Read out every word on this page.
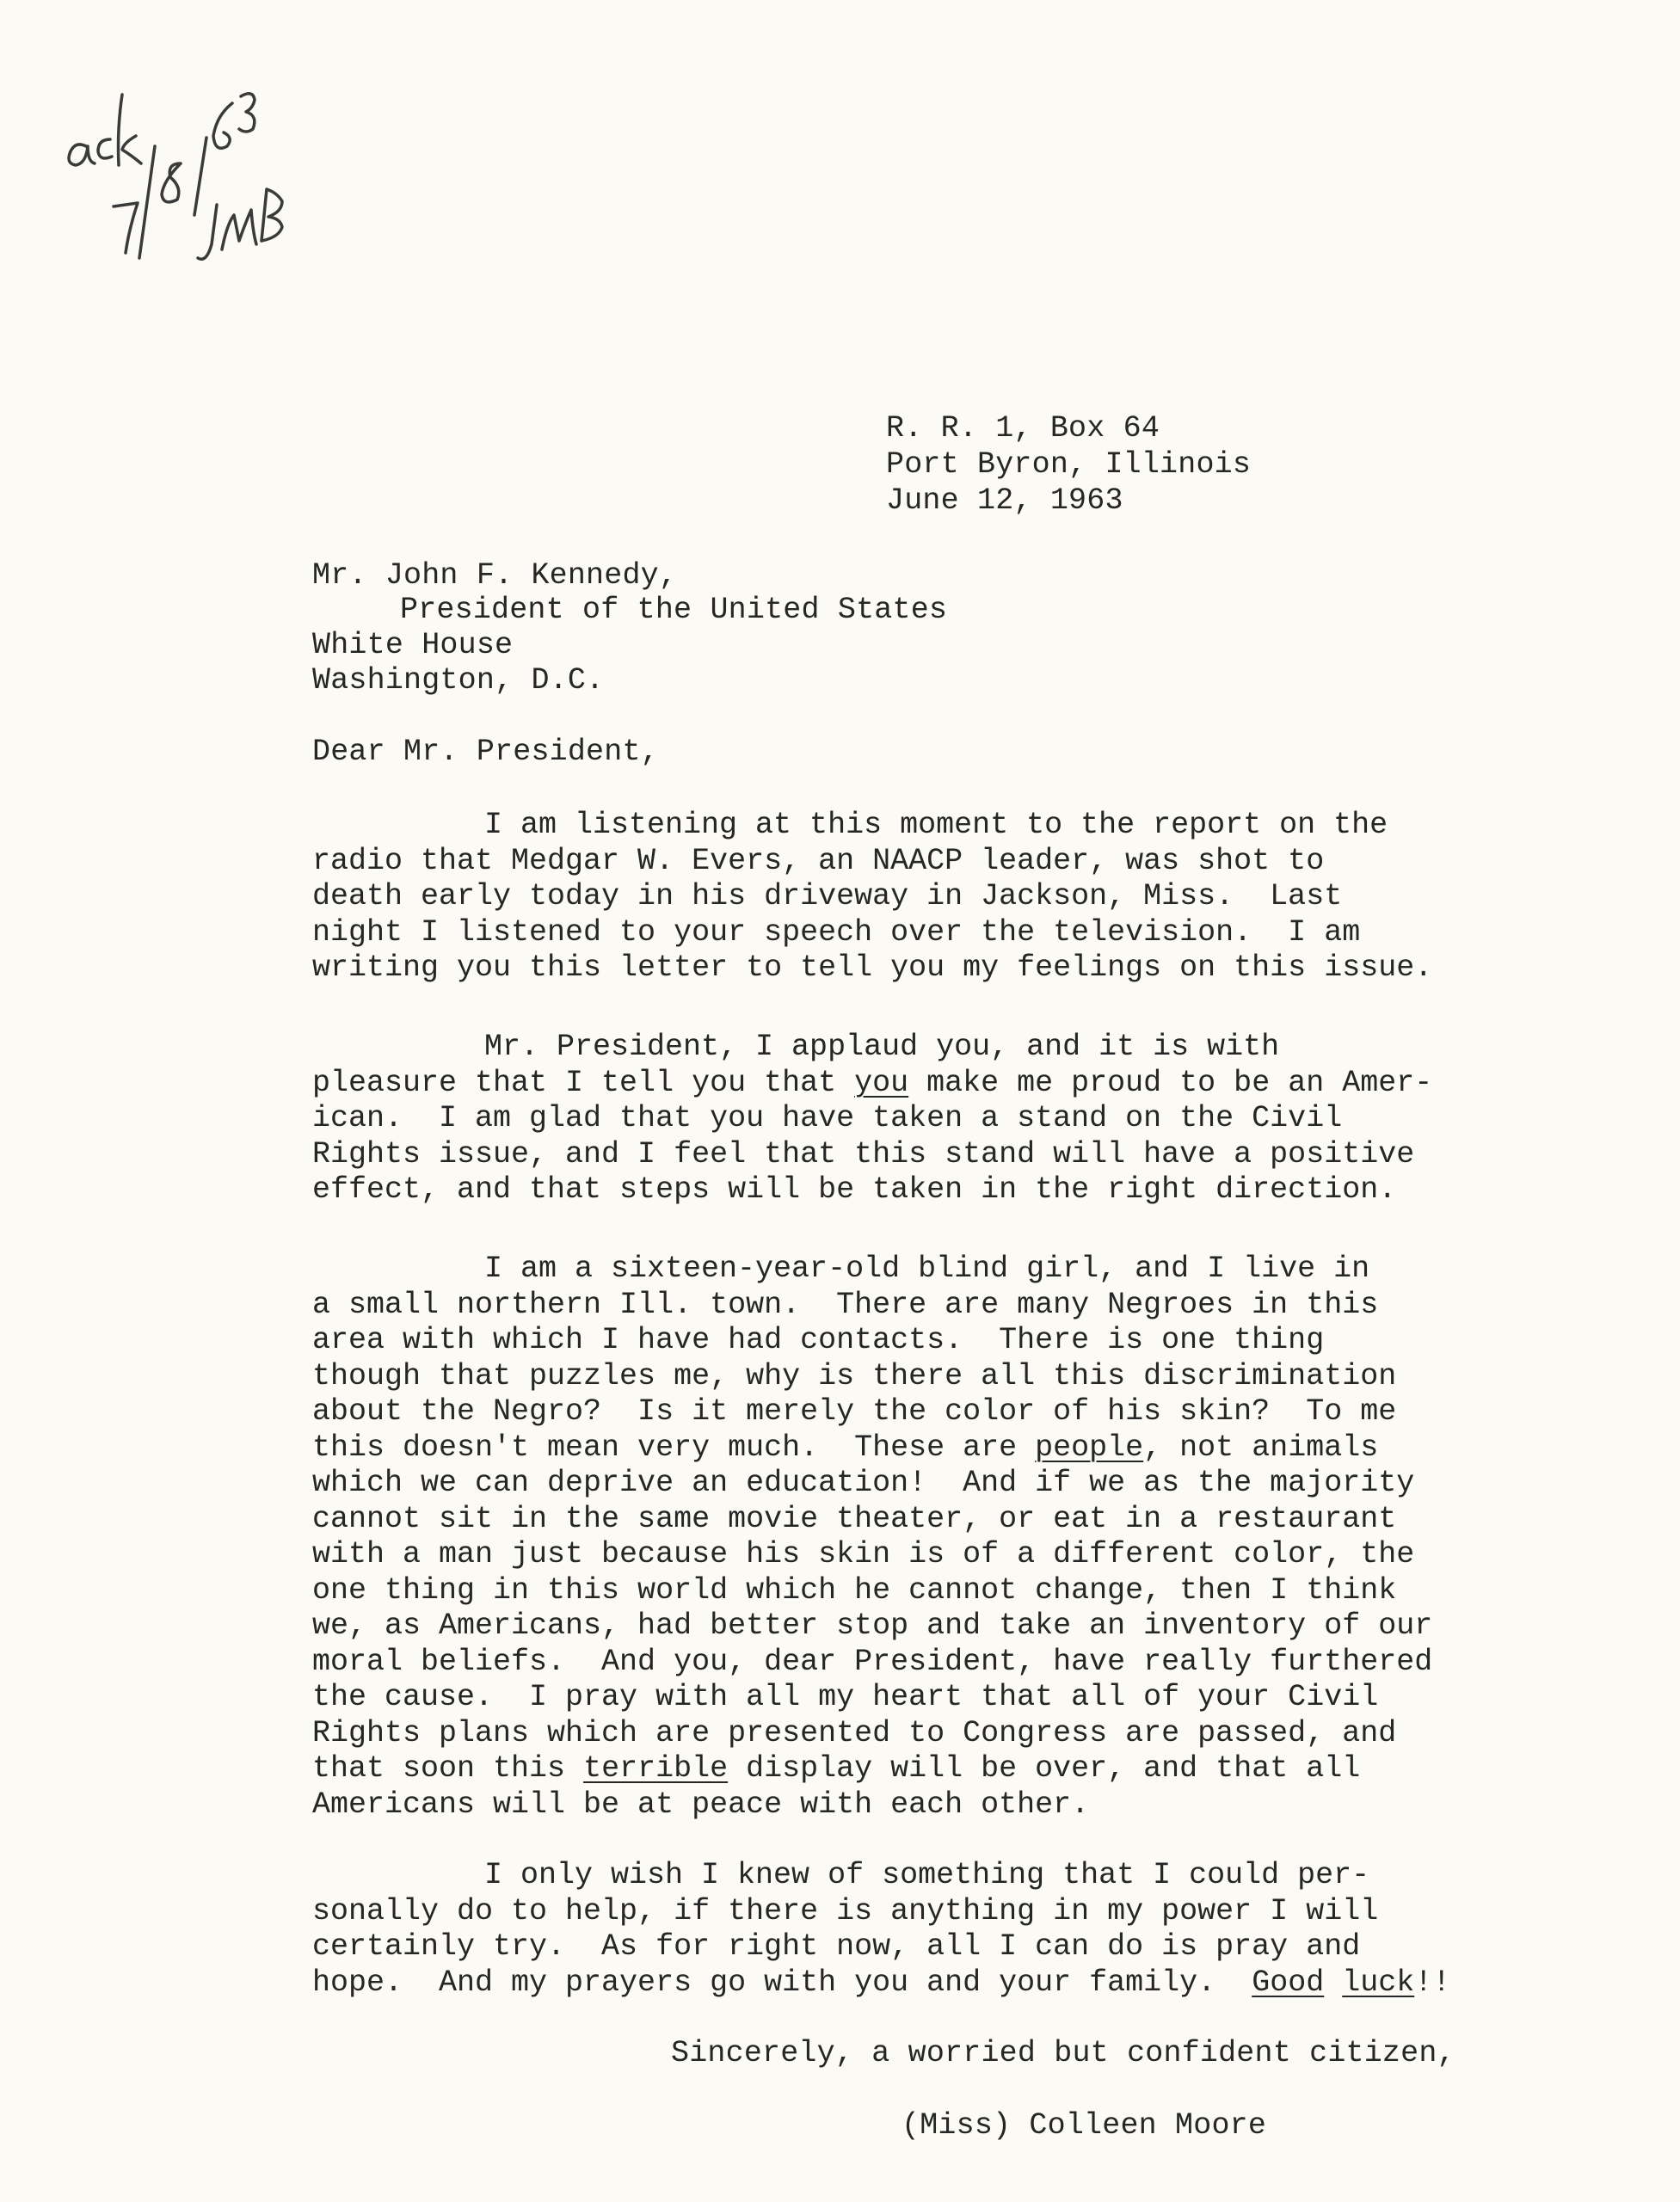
R. R. 1, Box 64
Port Byron, Illinois
June 12, 1963
Mr. John F. Kennedy,
President of the United States
White House
Washington, D.C.
Dear Mr. President,
I am listening at this moment to the report on the
radio that Medgar W. Evers, an NAACP leader, was shot to
death early today in his driveway in Jackson, Miss.  Last
night I listened to your speech over the television.  I am
writing you this letter to tell you my feelings on this issue.
Mr. President, I applaud you, and it is with
pleasure that I tell you that you make me proud to be an Amer-
ican.  I am glad that you have taken a stand on the Civil
Rights issue, and I feel that this stand will have a positive
effect, and that steps will be taken in the right direction.
I am a sixteen-year-old blind girl, and I live in
a small northern Ill. town.  There are many Negroes in this
area with which I have had contacts.  There is one thing
though that puzzles me, why is there all this discrimination
about the Negro?  Is it merely the color of his skin?  To me
this doesn't mean very much.  These are people, not animals
which we can deprive an education!  And if we as the majority
cannot sit in the same movie theater, or eat in a restaurant
with a man just because his skin is of a different color, the
one thing in this world which he cannot change, then I think
we, as Americans, had better stop and take an inventory of our
moral beliefs.  And you, dear President, have really furthered
the cause.  I pray with all my heart that all of your Civil
Rights plans which are presented to Congress are passed, and
that soon this terrible display will be over, and that all
Americans will be at peace with each other.
I only wish I knew of something that I could per-
sonally do to help, if there is anything in my power I will
certainly try.  As for right now, all I can do is pray and
hope.  And my prayers go with you and your family.  Good luck!!
Sincerely, a worried but confident citizen,
(Miss) Colleen Moore
